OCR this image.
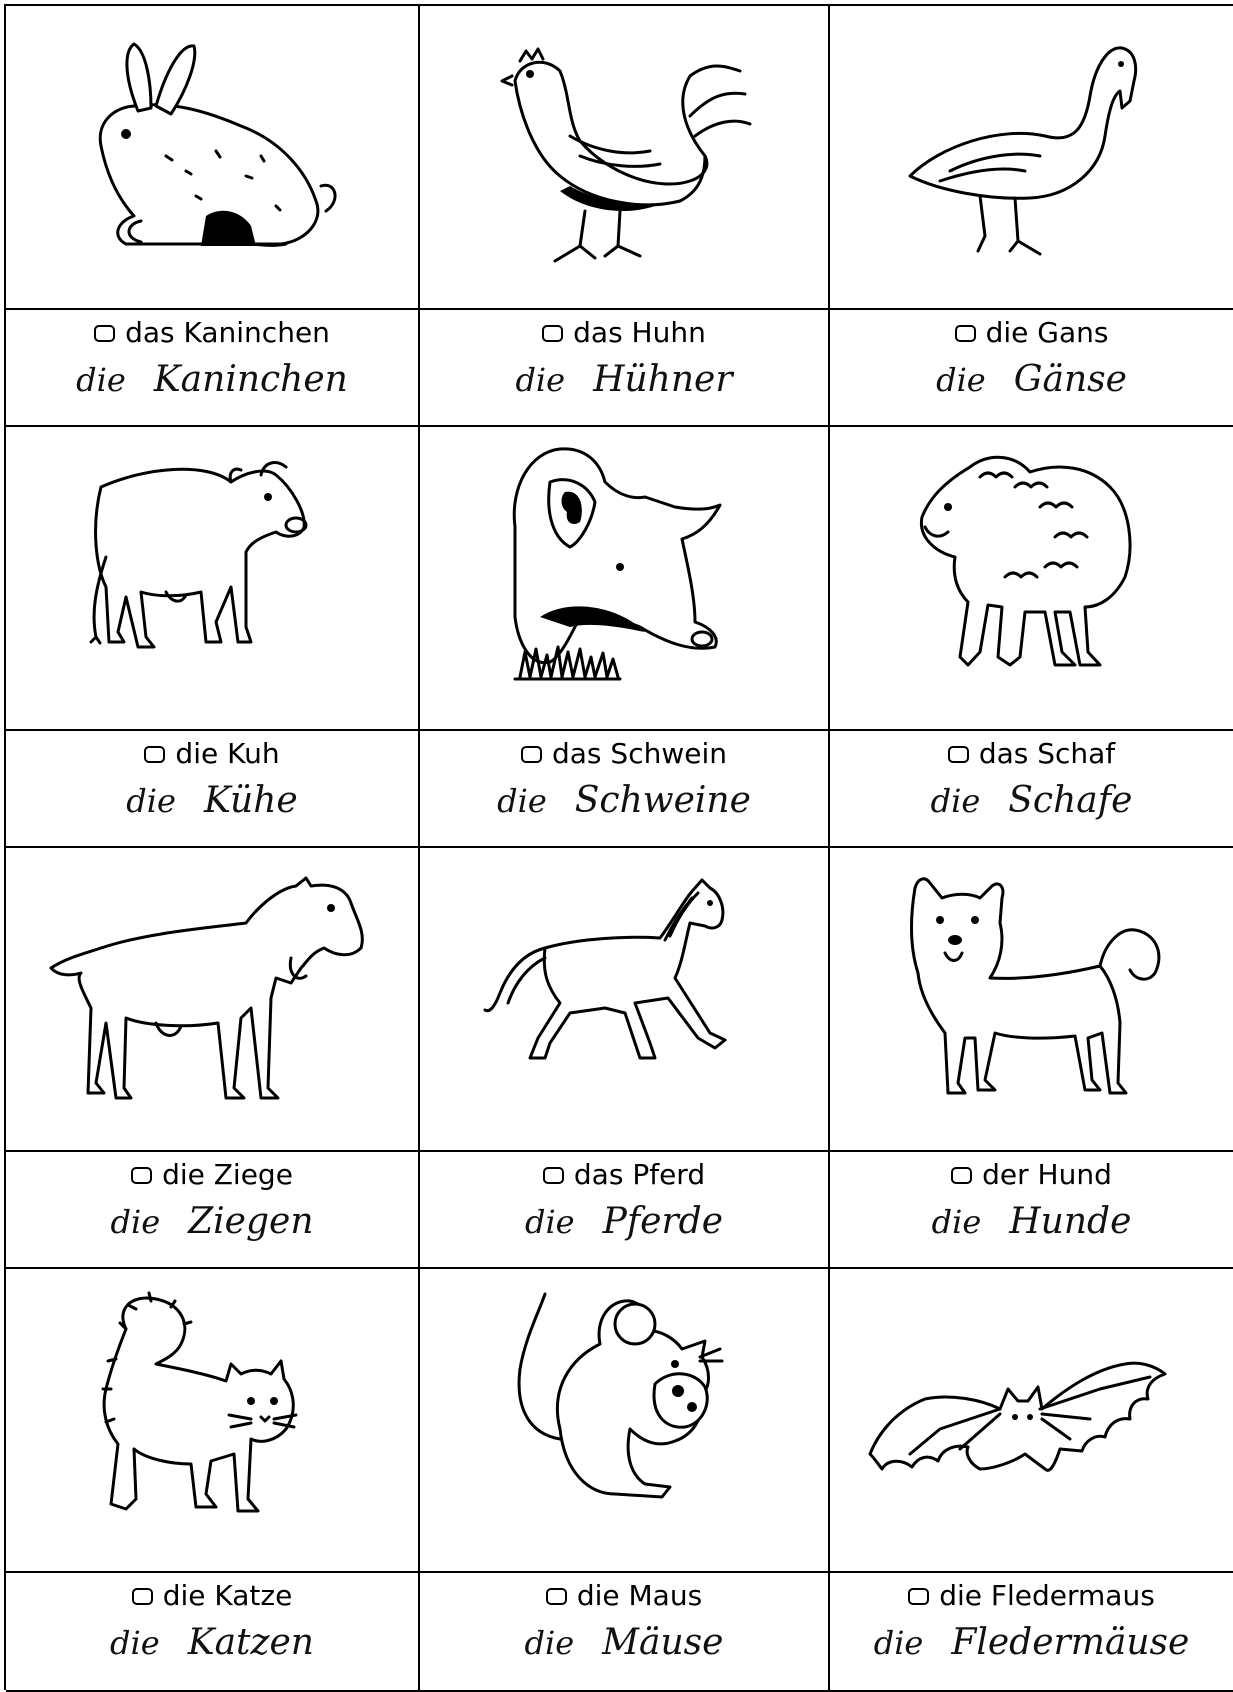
das Kaninchen
die Kaninchen
das Huhn
die Hühner
die Gans
die Gänse
die Kuh
die Kühe
das Schwein
die Schweine
das Schaf
die Schafe
die Ziege
die Ziegen
das Pferd
die Pferde
der Hund
die Hunde
die Katze
die Katzen
die Maus
die Mäuse
die Fledermaus
die Fledermäuse
